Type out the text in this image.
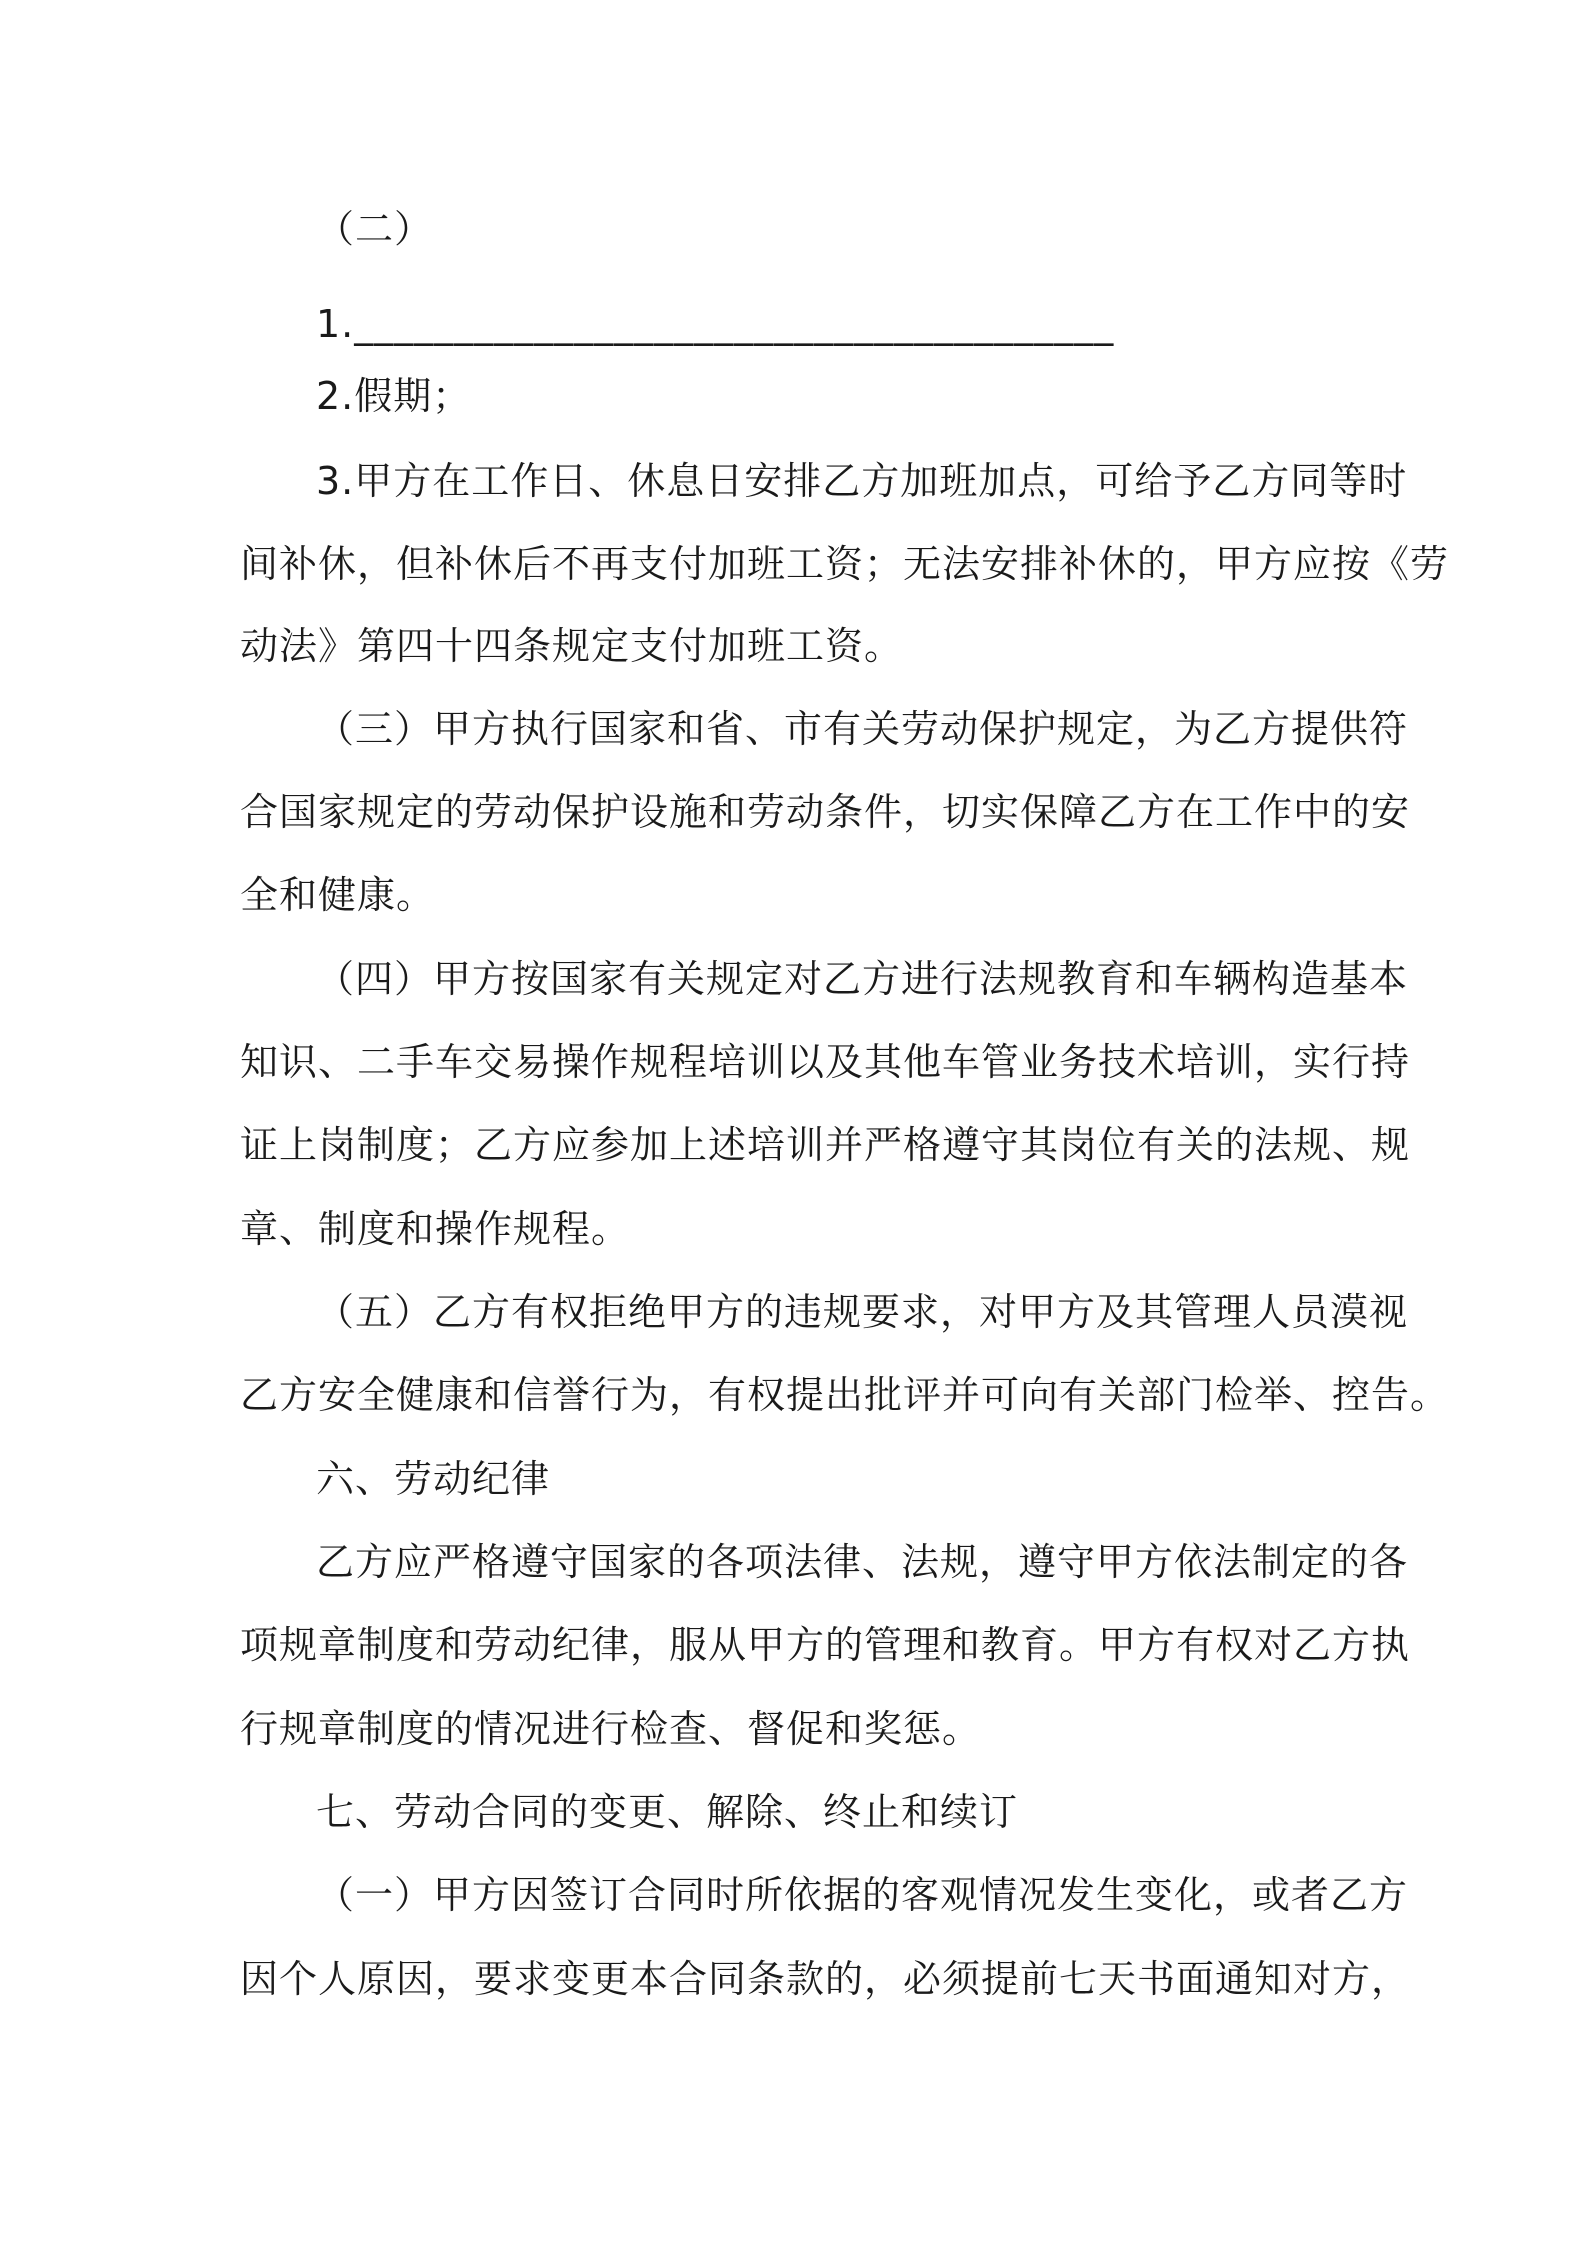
（二）
1.______________________________________
2.假期；
3.甲方在工作日、休息日安排乙方加班加点，可给予乙方同等时
间补休，但补休后不再支付加班工资；无法安排补休的，甲方应按《劳
动法》第四十四条规定支付加班工资。
（三）甲方执行国家和省、市有关劳动保护规定，为乙方提供符
合国家规定的劳动保护设施和劳动条件，切实保障乙方在工作中的安
全和健康。
（四）甲方按国家有关规定对乙方进行法规教育和车辆构造基本
知识、二手车交易操作规程培训以及其他车管业务技术培训，实行持
证上岗制度；乙方应参加上述培训并严格遵守其岗位有关的法规、规
章、制度和操作规程。
（五）乙方有权拒绝甲方的违规要求，对甲方及其管理人员漠视
乙方安全健康和信誉行为，有权提出批评并可向有关部门检举、控告。
六、劳动纪律
乙方应严格遵守国家的各项法律、法规，遵守甲方依法制定的各
项规章制度和劳动纪律，服从甲方的管理和教育。甲方有权对乙方执
行规章制度的情况进行检查、督促和奖惩。
七、劳动合同的变更、解除、终止和续订
（一）甲方因签订合同时所依据的客观情况发生变化，或者乙方
因个人原因，要求变更本合同条款的，必须提前七天书面通知对方，
